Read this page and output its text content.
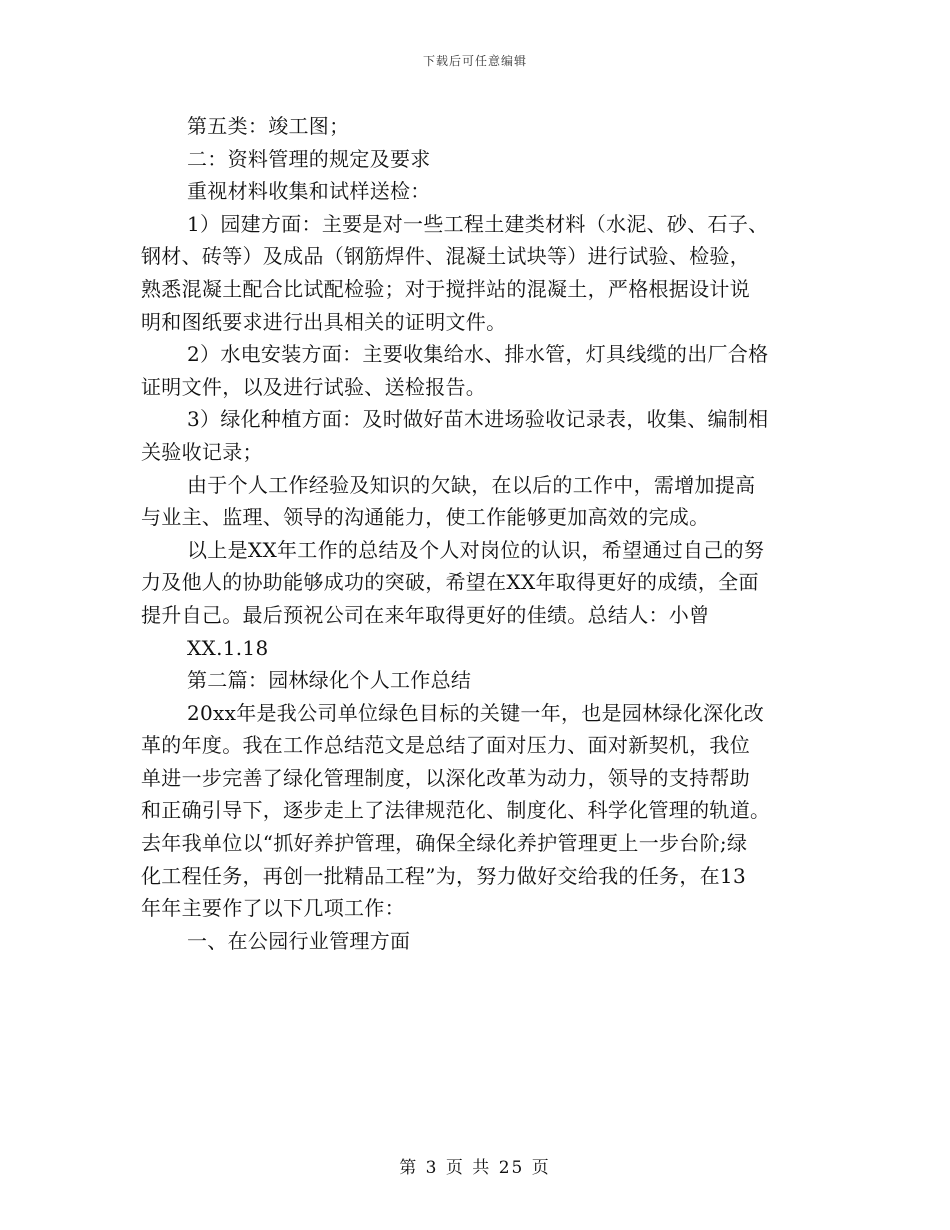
下载后可任意编辑
第五类：竣工图；
二：资料管理的规定及要求
重视材料收集和试样送检：
1）园建方面：主要是对一些工程土建类材料（水泥、砂、石子、
钢材、砖等）及成品（钢筋焊件、混凝土试块等）进行试验、检验，
熟悉混凝土配合比试配检验；对于搅拌站的混凝土，严格根据设计说
明和图纸要求进行出具相关的证明文件。
2）水电安装方面：主要收集给水、排水管，灯具线缆的出厂合格
证明文件，以及进行试验、送检报告。
3）绿化种植方面：及时做好苗木进场验收记录表，收集、编制相
关验收记录；
由于个人工作经验及知识的欠缺，在以后的工作中，需增加提高
与业主、监理、领导的沟通能力，使工作能够更加高效的完成。
以上是XX年工作的总结及个人对岗位的认识，希望通过自己的努
力及他人的协助能够成功的突破，希望在XX年取得更好的成绩，全面
提升自己。最后预祝公司在来年取得更好的佳绩。总结人：小曾
XX.1.18
第二篇：园林绿化个人工作总结
20xx年是我公司单位绿色目标的关键一年，也是园林绿化深化改
革的年度。我在工作总结范文是总结了面对压力、面对新契机，我位
单进一步完善了绿化管理制度，以深化改革为动力，领导的支持帮助
和正确引导下，逐步走上了法律规范化、制度化、科学化管理的轨道。
去年我单位以“抓好养护管理，确保全绿化养护管理更上一步台阶;绿
化工程任务，再创一批精品工程”为，努力做好交给我的任务，在13
年年主要作了以下几项工作：
一、在公园行业管理方面
第 3 页 共 25 页
